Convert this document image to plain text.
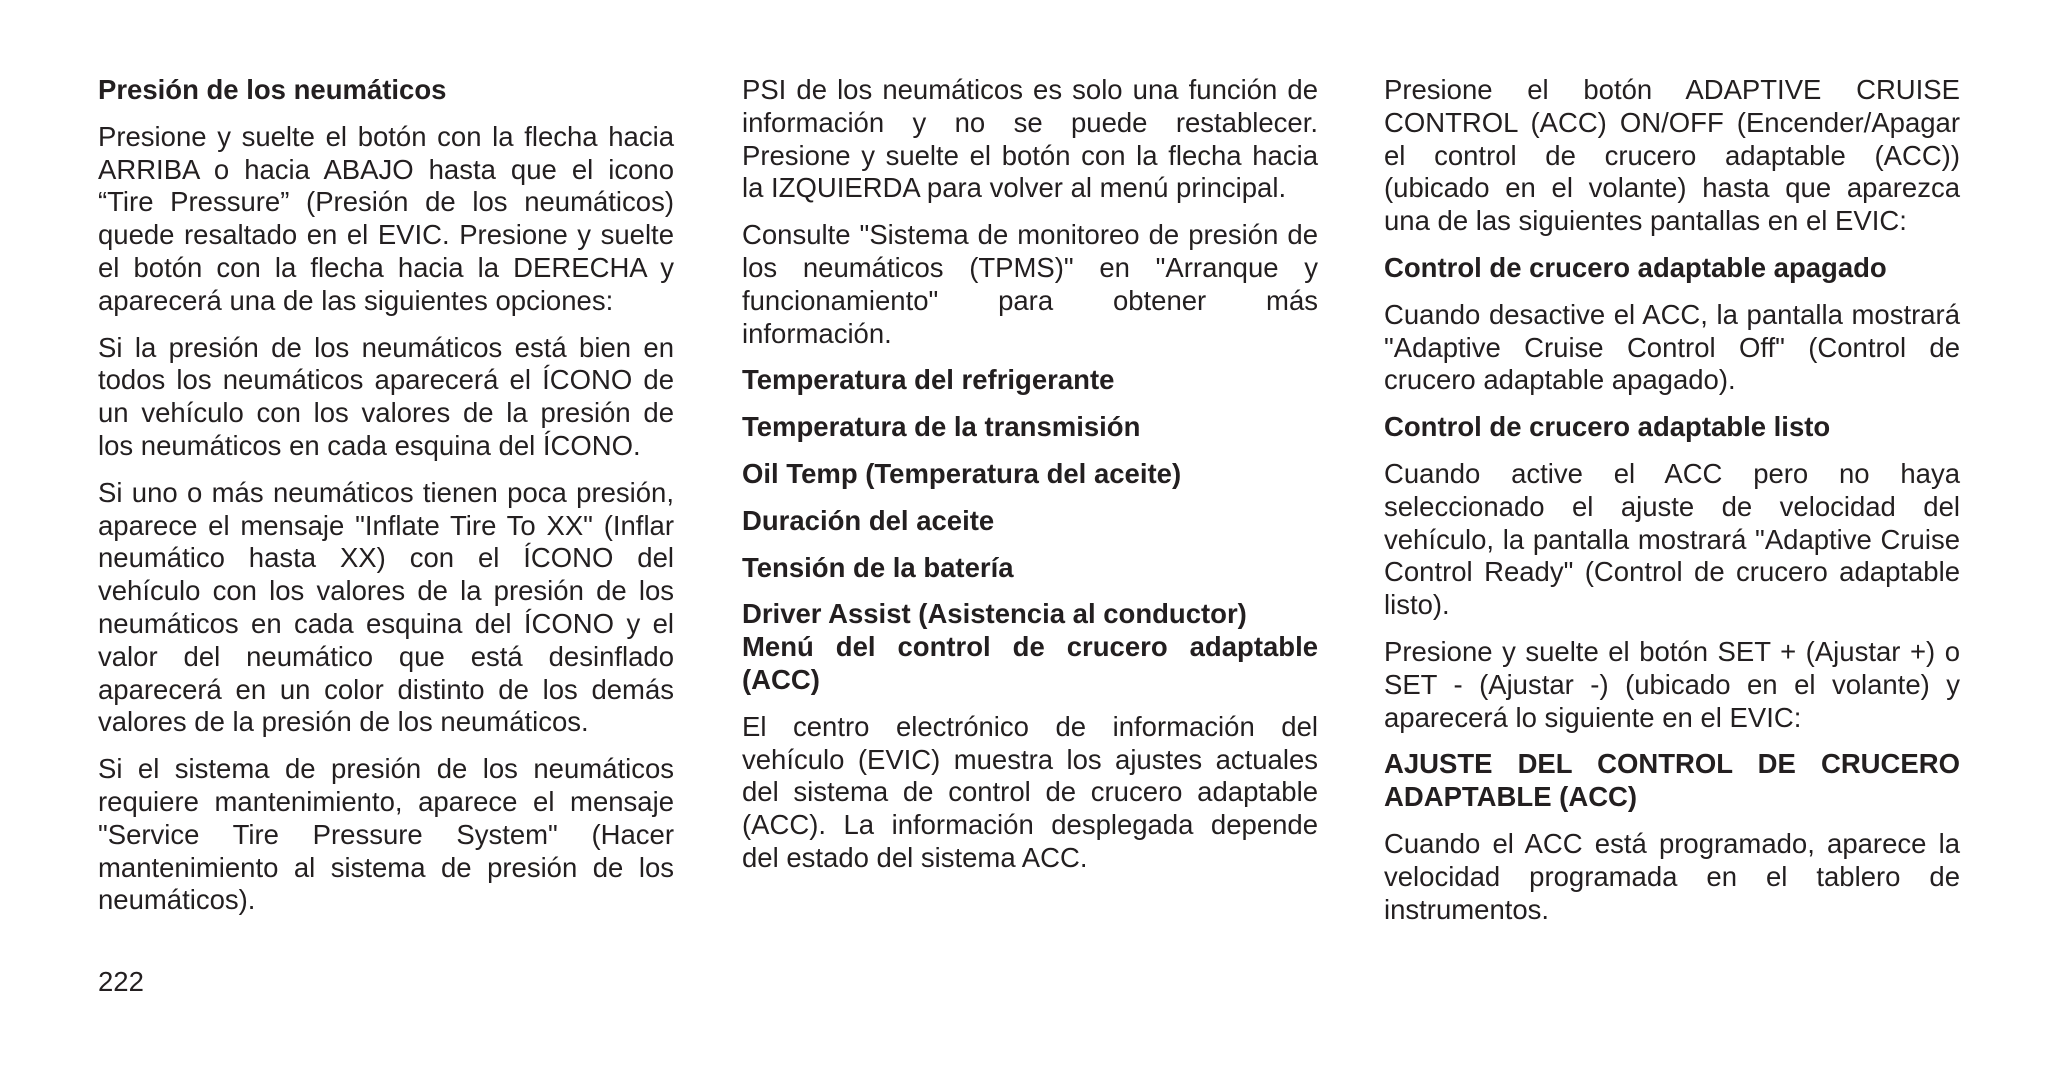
Presión de los neumáticos

Presione y suelte el botón con la flecha hacia ARRIBA o hacia ABAJO hasta que el icono “Tire Pressure” (Presión de los neumáticos) quede resaltado en el EVIC. Presione y suelte el botón con la flecha hacia la DERECHA y aparecerá una de las siguientes opciones:

Si la presión de los neumáticos está bien en todos los neumáticos aparecerá el ÍCONO de un vehículo con los valores de la presión de los neumáticos en cada esquina del ÍCONO.

Si uno o más neumáticos tienen poca presión, aparece el mensaje "Inflate Tire To XX" (Inflar neumático hasta XX) con el ÍCONO del vehículo con los valores de la presión de los neumáticos en cada esquina del ÍCONO y el valor del neumático que está desinflado aparecerá en un color distinto de los demás valores de la presión de los neumáticos.

Si el sistema de presión de los neumáticos requiere mantenimiento, aparece el mensaje "Service Tire Pressure System" (Hacer mantenimiento al sistema de presión de los neumáticos).

PSI de los neumáticos es solo una función de información y no se puede restablecer. Presione y suelte el botón con la flecha hacia la IZQUIERDA para volver al menú principal.

Consulte "Sistema de monitoreo de presión de los neumáticos (TPMS)" en "Arranque y funcionamiento" para obtener más información.

Temperatura del refrigerante
Temperatura de la transmisión
Oil Temp (Temperatura del aceite)
Duración del aceite
Tensión de la batería
Driver Assist (Asistencia al conductor)
Menú del control de crucero adaptable (ACC)

El centro electrónico de información del vehículo (EVIC) muestra los ajustes actuales del sistema de control de crucero adaptable (ACC). La información desplegada depende del estado del sistema ACC.

Presione el botón ADAPTIVE CRUISE CONTROL (ACC) ON/OFF (Encender/Apagar el control de crucero adaptable (ACC)) (ubicado en el volante) hasta que aparezca una de las siguientes pantallas en el EVIC:

Control de crucero adaptable apagado

Cuando desactive el ACC, la pantalla mostrará "Adaptive Cruise Control Off" (Control de crucero adaptable apagado).

Control de crucero adaptable listo

Cuando active el ACC pero no haya seleccionado el ajuste de velocidad del vehículo, la pantalla mostrará "Adaptive Cruise Control Ready" (Control de crucero adaptable listo).

Presione y suelte el botón SET + (Ajustar +) o SET - (Ajustar -) (ubicado en el volante) y aparecerá lo siguiente en el EVIC:

AJUSTE DEL CONTROL DE CRUCERO ADAPTABLE (ACC)

Cuando el ACC está programado, aparece la velocidad programada en el tablero de instrumentos.

222
